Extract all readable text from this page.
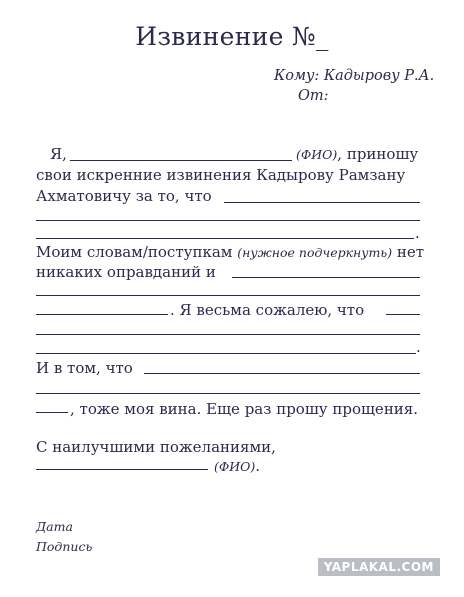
Извинение №_
Кому: Кадырову Р.А.
От:
Я,	(ФИО), приношу
свои искренние извинения Кадырову Рамзану
Ахматовичу за то, что
.
Моим словам/поступкам (нужное подчеркнуть) нет
никаких оправданий и
. Я весьма сожалею, что
.
И в том, что
, тоже моя вина. Еще раз прошу прощения.
С наилучшими пожеланиями,
(ФИО).
Дата
Подпись
YAPLAKAL.COM
